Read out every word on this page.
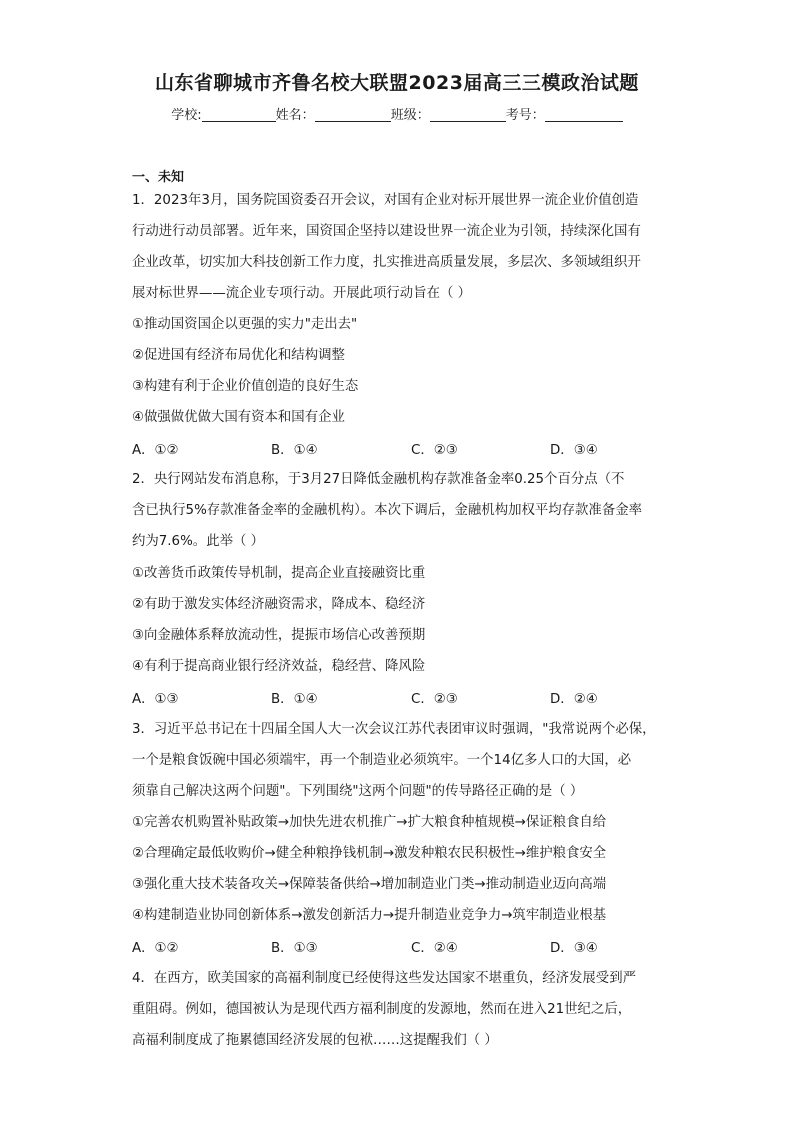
山东省聊城市齐鲁名校大联盟2023届高三三模政治试题
学校:	姓名：	班级：	考号：
一、未知
1．2023年3月，国务院国资委召开会议，对国有企业对标开展世界一流企业价值创造
行动进行动员部署。近年来，国资国企坚持以建设世界一流企业为引领，持续深化国有
企业改革，切实加大科技创新工作力度，扎实推进高质量发展，多层次、多领域组织开
展对标世界——流企业专项行动。开展此项行动旨在（ ）
①推动国资国企以更强的实力"走出去"
②促进国有经济布局优化和结构调整
③构建有利于企业价值创造的良好生态
④做强做优做大国有资本和国有企业
A．①②	B．①④	C．②③	D．③④
2．央行网站发布消息称，于3月27日降低金融机构存款准备金率0.25个百分点（不
含已执行5%存款准备金率的金融机构）。本次下调后，金融机构加权平均存款准备金率
约为7.6%。此举（ ）
①改善货币政策传导机制，提高企业直接融资比重
②有助于激发实体经济融资需求，降成本、稳经济
③向金融体系释放流动性，提振市场信心改善预期
④有利于提高商业银行经济效益，稳经营、降风险
A．①③	B．①④	C．②③	D．②④
3．习近平总书记在十四届全国人大一次会议江苏代表团审议时强调，"我常说两个必保，
一个是粮食饭碗中国必须端牢，再一个制造业必须筑牢。一个14亿多人口的大国，必
须靠自己解决这两个问题"。下列围绕"这两个问题"的传导路径正确的是（ ）
①完善农机购置补贴政策→加快先进农机推广→扩大粮食种植规模→保证粮食自给
②合理确定最低收购价→健全种粮挣钱机制→激发种粮农民积极性→维护粮食安全
③强化重大技术装备攻关→保障装备供给→增加制造业门类→推动制造业迈向高端
④构建制造业协同创新体系→激发创新活力→提升制造业竞争力→筑牢制造业根基
A．①②	B．①③	C．②④	D．③④
4．在西方，欧美国家的高福利制度已经使得这些发达国家不堪重负，经济发展受到严
重阻碍。例如，德国被认为是现代西方福利制度的发源地，然而在进入21世纪之后，
高福利制度成了拖累德国经济发展的包袱……这提醒我们（ ）
